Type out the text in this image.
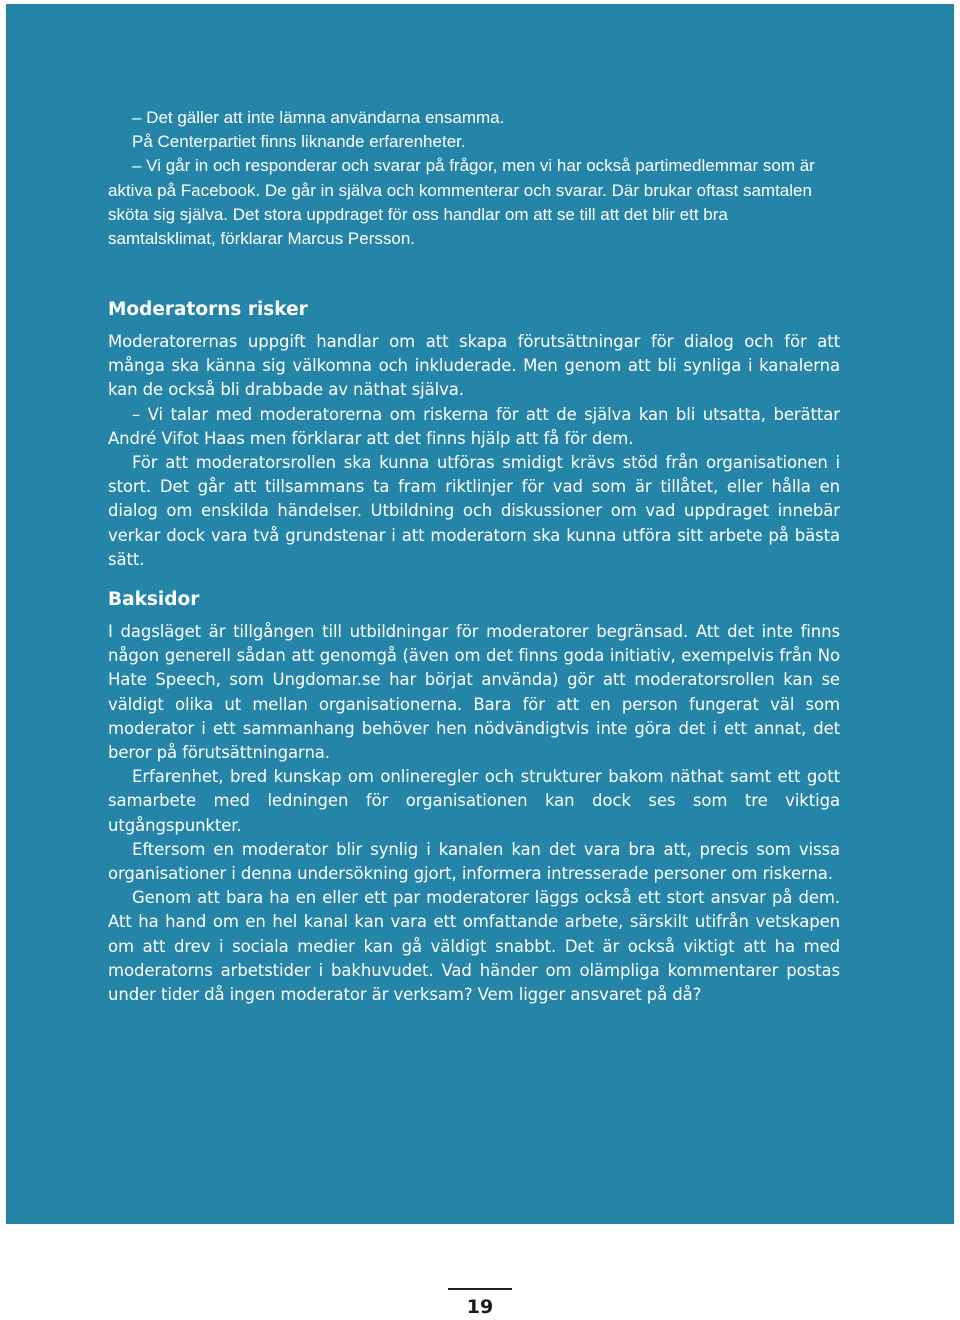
– Det gäller att inte lämna användarna ensamma.

På Centerpartiet finns liknande erfarenheter.

– Vi går in och responderar och svarar på frågor, men vi har också partimedlemmar som är aktiva på Facebook. De går in själva och kommenterar och svarar. Där brukar oftast samtalen sköta sig själva. Det stora uppdraget för oss handlar om att se till att det blir ett bra samtalsklimat, förklarar Marcus Persson.

Moderatorns risker

Moderatorernas uppgift handlar om att skapa förutsättningar för dialog och för att många ska känna sig välkomna och inkluderade. Men genom att bli synliga i kanalerna kan de också bli drabbade av näthat själva.

– Vi talar med moderatorerna om riskerna för att de själva kan bli utsatta, berättar André Vifot Haas men förklarar att det finns hjälp att få för dem.

För att moderatorsrollen ska kunna utföras smidigt krävs stöd från organisationen i stort. Det går att tillsammans ta fram riktlinjer för vad som är tillåtet, eller hålla en dialog om enskilda händelser. Utbildning och diskussioner om vad uppdraget innebär verkar dock vara två grundstenar i att moderatorn ska kunna utföra sitt arbete på bästa sätt.

Baksidor

I dagsläget är tillgången till utbildningar för moderatorer begränsad. Att det inte finns någon generell sådan att genomgå (även om det finns goda initiativ, exempelvis från No Hate Speech, som Ungdomar.se har börjat använda) gör att moderatorsrollen kan se väldigt olika ut mellan organisationerna. Bara för att en person fungerat väl som moderator i ett sammanhang behöver hen nödvändigtvis inte göra det i ett annat, det beror på förutsättningarna.

Erfarenhet, bred kunskap om onlineregler och strukturer bakom näthat samt ett gott samarbete med ledningen för organisationen kan dock ses som tre viktiga utgångspunkter.

Eftersom en moderator blir synlig i kanalen kan det vara bra att, precis som vissa organisationer i denna undersökning gjort, informera intresserade personer om riskerna.

Genom att bara ha en eller ett par moderatorer läggs också ett stort ansvar på dem. Att ha hand om en hel kanal kan vara ett omfattande arbete, särskilt utifrån vetskapen om att drev i sociala medier kan gå väldigt snabbt. Det är också viktigt att ha med moderatorns arbetstider i bakhuvudet. Vad händer om olämpliga kommentarer postas under tider då ingen moderator är verksam? Vem ligger ansvaret på då?

19
